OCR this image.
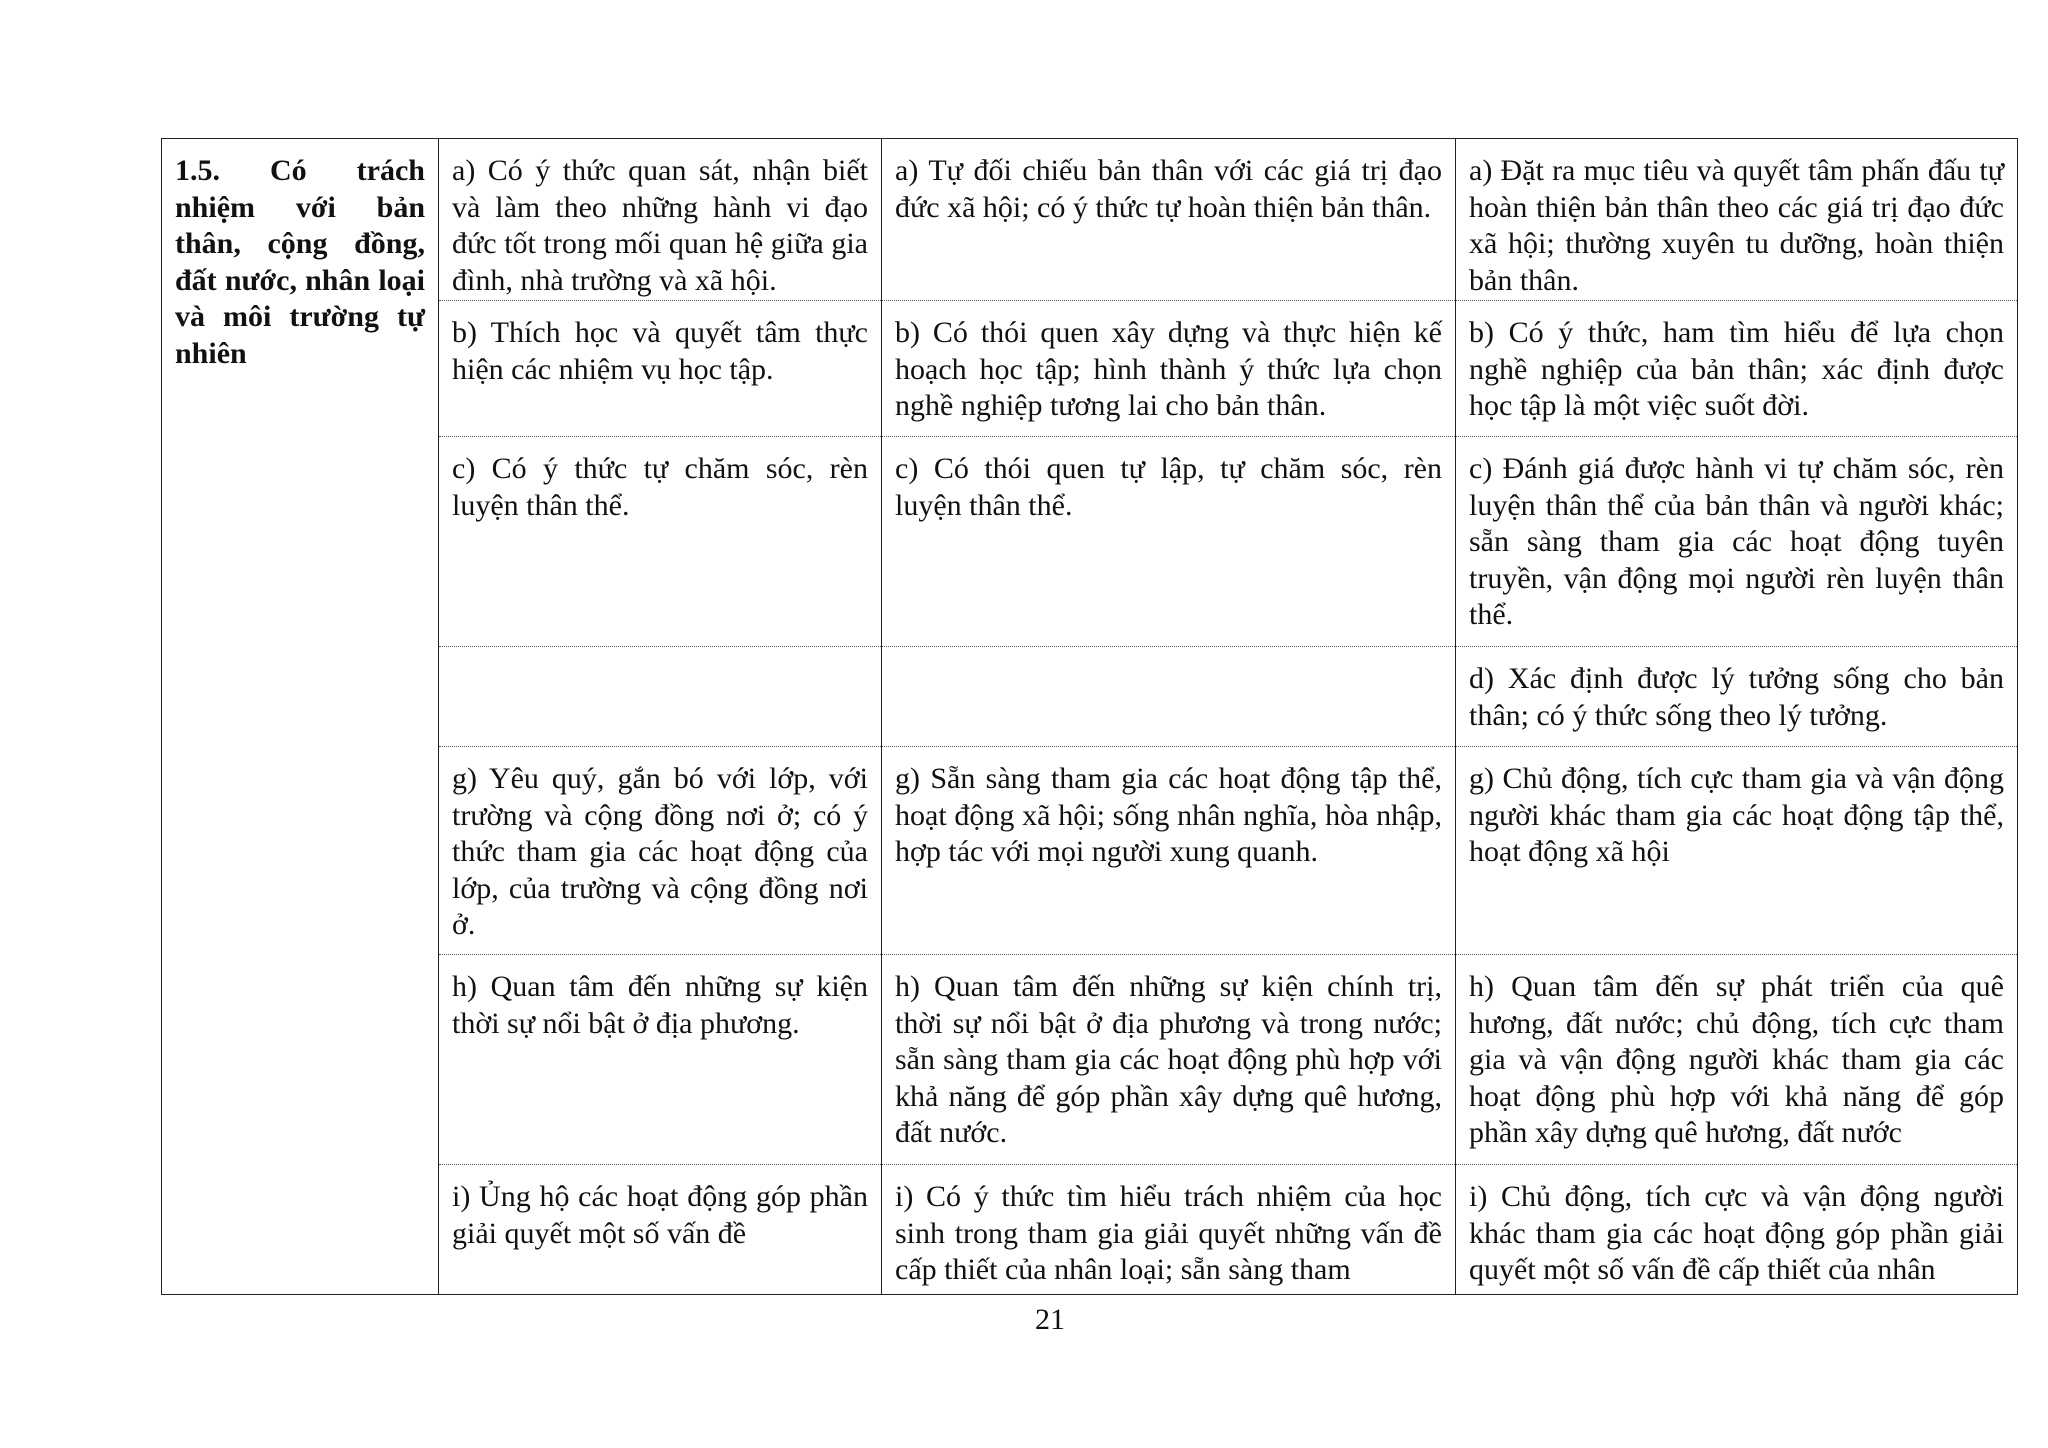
1.5. Có trách nhiệm với bản thân, cộng đồng, đất nước, nhân loại và môi trường tự nhiên	a) Có ý thức quan sát, nhận biết và làm theo những hành vi đạo đức tốt trong mối quan hệ giữa gia đình, nhà trường và xã hội.	a) Tự đối chiếu bản thân với các giá trị đạo đức xã hội; có ý thức tự hoàn thiện bản thân.	a) Đặt ra mục tiêu và quyết tâm phấn đấu tự hoàn thiện bản thân theo các giá trị đạo đức xã hội; thường xuyên tu dưỡng, hoàn thiện bản thân.
	b) Thích học và quyết tâm thực hiện các nhiệm vụ học tập.	b) Có thói quen xây dựng và thực hiện kế hoạch học tập; hình thành ý thức lựa chọn nghề nghiệp tương lai cho bản thân.	b) Có ý thức, ham tìm hiểu để lựa chọn nghề nghiệp của bản thân; xác định được học tập là một việc suốt đời.
	c) Có ý thức tự chăm sóc, rèn luyện thân thể.	c) Có thói quen tự lập, tự chăm sóc, rèn luyện thân thể.	c) Đánh giá được hành vi tự chăm sóc, rèn luyện thân thể của bản thân và người khác; sẵn sàng tham gia các hoạt động tuyên truyền, vận động mọi người rèn luyện thân thể.
			d) Xác định được lý tưởng sống cho bản thân; có ý thức sống theo lý tưởng.
	g) Yêu quý, gắn bó với lớp, với trường và cộng đồng nơi ở; có ý thức tham gia các hoạt động của lớp, của trường và cộng đồng nơi ở.	g) Sẵn sàng tham gia các hoạt động tập thể, hoạt động xã hội; sống nhân nghĩa, hòa nhập, hợp tác với mọi người xung quanh.	g) Chủ động, tích cực tham gia và vận động người khác tham gia các hoạt động tập thể, hoạt động xã hội
	h) Quan tâm đến những sự kiện thời sự nổi bật ở địa phương.	h) Quan tâm đến những sự kiện chính trị, thời sự nổi bật ở địa phương và trong nước; sẵn sàng tham gia các hoạt động phù hợp với khả năng để góp phần xây dựng quê hương, đất nước.	h) Quan tâm đến sự phát triển của quê hương, đất nước; chủ động, tích cực tham gia và vận động người khác tham gia các hoạt động phù hợp với khả năng để góp phần xây dựng quê hương, đất nước
	i) Ủng hộ các hoạt động góp phần giải quyết một số vấn đề	i) Có ý thức tìm hiểu trách nhiệm của học sinh trong tham gia giải quyết những vấn đề cấp thiết của nhân loại; sẵn sàng tham	i) Chủ động, tích cực và vận động người khác tham gia các hoạt động góp phần giải quyết một số vấn đề cấp thiết của nhân
21
